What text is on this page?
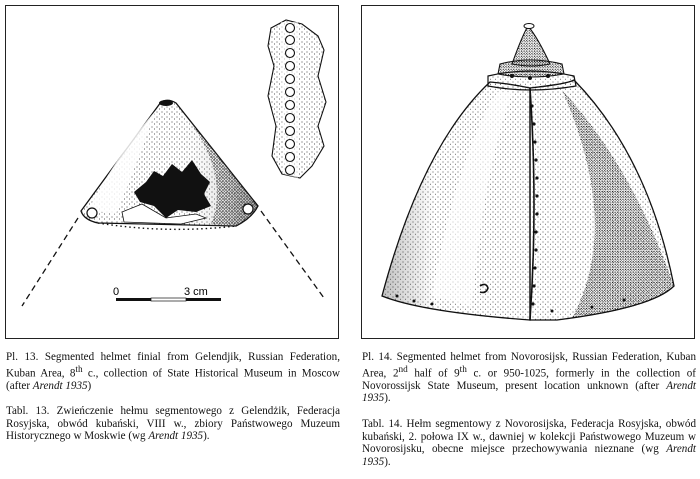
0	3 cm

Pl. 13. Segmented helmet finial from Gelendjik, Russian Federation, Kuban Area, 8th c., collection of State Historical Museum in Moscow (after Arendt 1935)

Tabl. 13. Zwieńczenie hełmu segmentowego z Gelendżik, Federacja Rosyjska, obwód kubański, VIII w., zbiory Państwowego Muzeum Historycznego w Moskwie (wg Arendt 1935).

Pl. 14. Segmented helmet from Novorosijsk, Russian Federation, Kuban Area, 2nd half of 9th c. or 950-1025, formerly in the collection of Novorossijsk State Museum, present location unknown (after Arendt 1935).

Tabl. 14. Hełm segmentowy z Novorosijska, Federacja Rosyjska, obwód kubański, 2. połowa IX w., dawniej w kolekcji Państwowego Muzeum w Novorosijsku, obecne miejsce przechowywania nieznane (wg Arendt 1935).
